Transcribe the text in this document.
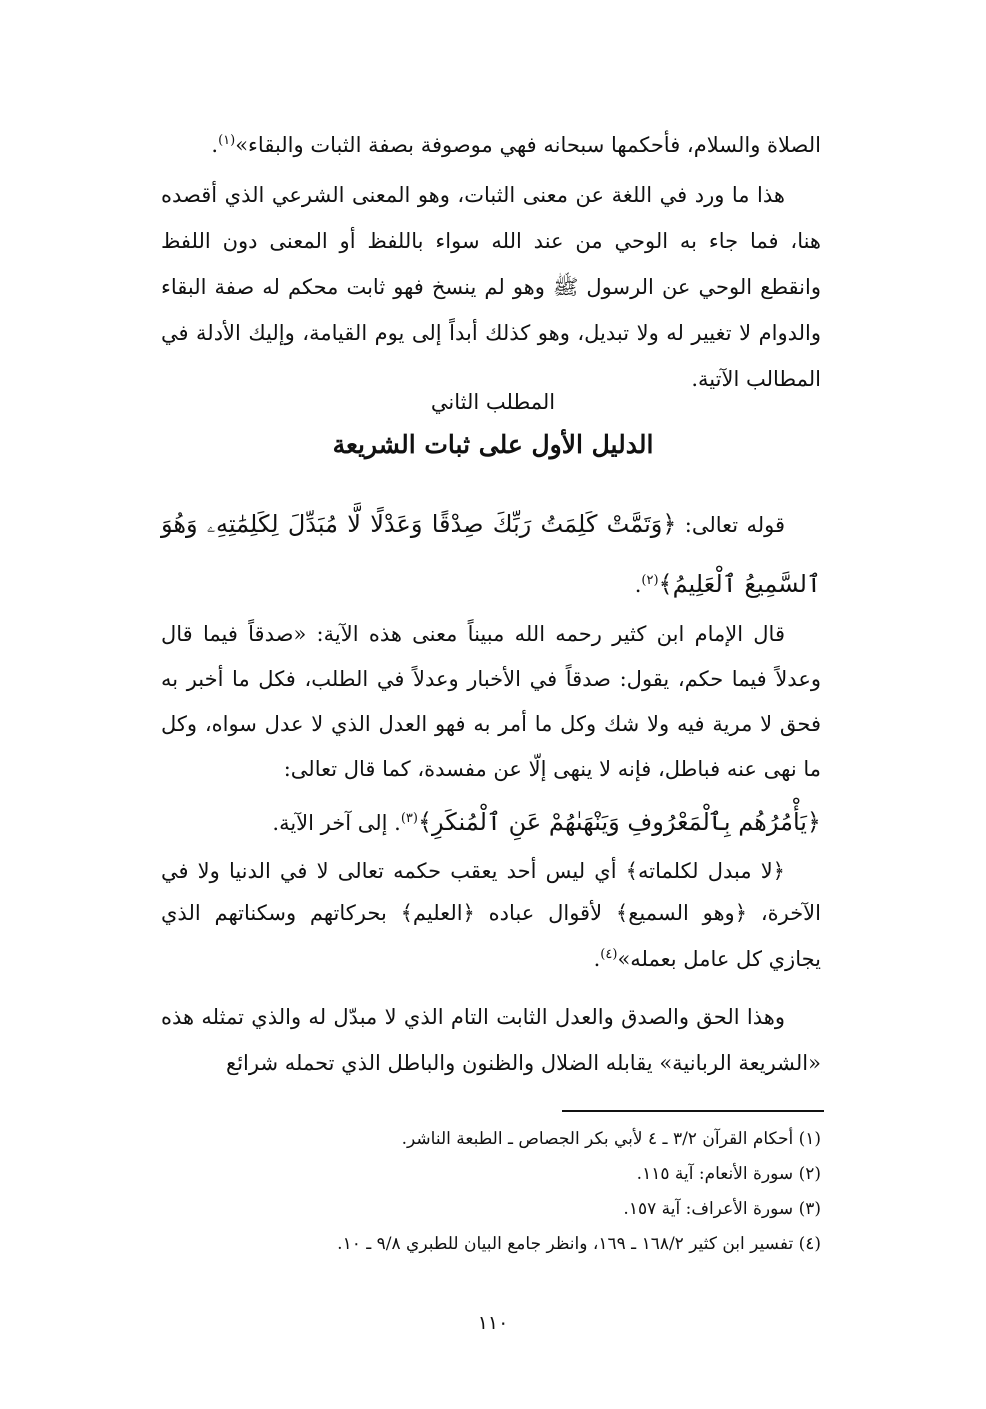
الصلاة والسلام، فأحكمها سبحانه فهي موصوفة بصفة الثبات والبقاء»$^{(١)}$.

هذا ما ورد في اللغة عن معنى الثبات، وهو المعنى الشرعي الذي أقصده هنا، فما جاء به الوحي من عند الله سواء باللفظ أو المعنى دون اللفظ وانقطع الوحي عن الرسول ﷺ وهو لم ينسخ فهو ثابت محكم له صفة البقاء والدوام لا تغيير له ولا تبديل، وهو كذلك أبداً إلى يوم القيامة، وإليك الأدلة في المطالب الآتية.

المطلب الثاني

الدليل الأول على ثبات الشريعة

قوله تعالى: ﴿وَتَمَّتْ كَلِمَتُ رَبِّكَ صِدْقًا وَعَدْلًا لَّا مُبَدِّلَ لِكَلِمَٰتِهِۦ وَهُوَ ٱلسَّمِيعُ ٱلْعَلِيمُ﴾$^{(٢)}$.

قال الإمام ابن كثير رحمه الله مبيناً معنى هذه الآية: «صدقاً فيما قال وعدلاً فيما حكم، يقول: صدقاً في الأخبار وعدلاً في الطلب، فكل ما أخبر به فحق لا مرية فيه ولا شك وكل ما أمر به فهو العدل الذي لا عدل سواه، وكل ما نهى عنه فباطل، فإنه لا ينهى إلّا عن مفسدة، كما قال تعالى:

﴿يَأْمُرُهُم بِٱلْمَعْرُوفِ وَيَنْهَىٰهُمْ عَنِ ٱلْمُنكَرِ﴾$^{(٣)}$. إلى آخر الآية.

﴿لا مبدل لكلماته﴾ أي ليس أحد يعقب حكمه تعالى لا في الدنيا ولا في الآخرة، ﴿وهو السميع﴾ لأقوال عباده ﴿العليم﴾ بحركاتهم وسكناتهم الذي يجازي كل عامل بعمله»$^{(٤)}$.

وهذا الحق والصدق والعدل الثابت التام الذي لا مبدّل له والذي تمثله هذه «الشريعة الربانية» يقابله الضلال والظنون والباطل الذي تحمله شرائع

(١) أحكام القرآن ٣/٢ ـ ٤ لأبي بكر الجصاص ـ الطبعة الناشر.
(٢) سورة الأنعام: آية ١١٥.
(٣) سورة الأعراف: آية ١٥٧.
(٤) تفسير ابن كثير ١٦٨/٢ ـ ١٦٩، وانظر جامع البيان للطبري ٩/٨ ـ ١٠.

١١٠
